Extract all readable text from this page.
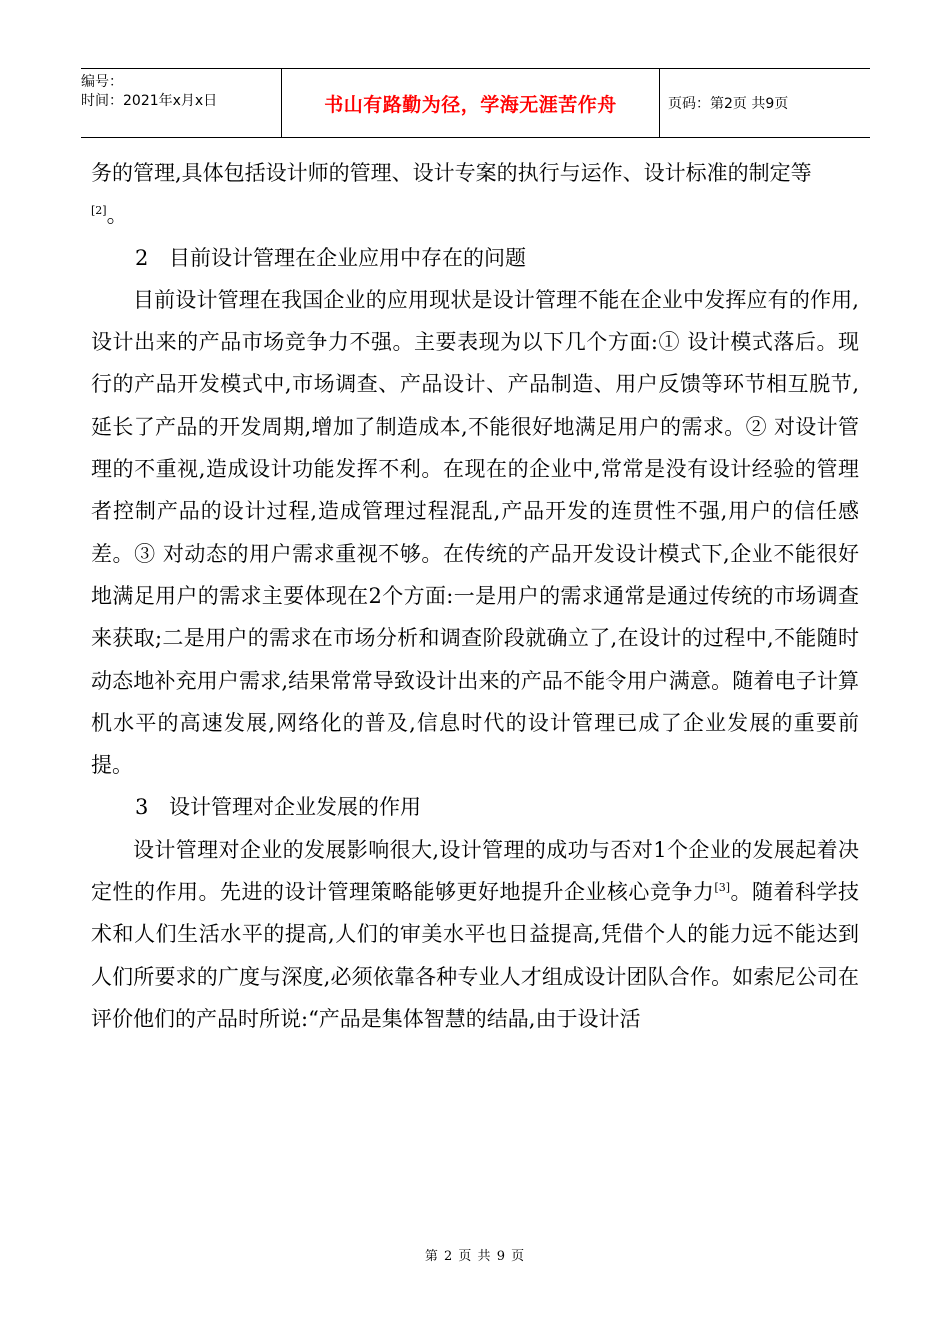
编号：
时间：2021年x月x日	书山有路勤为径，学海无涯苦作舟	页码：第2页 共9页

务的管理,具体包括设计师的管理、设计专案的执行与运作、设计标准的制定等
[2]。

2 目前设计管理在企业应用中存在的问题

目前设计管理在我国企业的应用现状是设计管理不能在企业中发挥应有的作用,设计出来的产品市场竞争力不强。主要表现为以下几个方面:① 设计模式落后。现行的产品开发模式中,市场调查、产品设计、产品制造、用户反馈等环节相互脱节,延长了产品的开发周期,增加了制造成本,不能很好地满足用户的需求。② 对设计管理的不重视,造成设计功能发挥不利。在现在的企业中,常常是没有设计经验的管理者控制产品的设计过程,造成管理过程混乱,产品开发的连贯性不强,用户的信任感差。③ 对动态的用户需求重视不够。在传统的产品开发设计模式下,企业不能很好地满足用户的需求主要体现在2个方面:一是用户的需求通常是通过传统的市场调查来获取;二是用户的需求在市场分析和调查阶段就确立了,在设计的过程中,不能随时动态地补充用户需求,结果常常导致设计出来的产品不能令用户满意。随着电子计算机水平的高速发展,网络化的普及,信息时代的设计管理已成了企业发展的重要前提。

3 设计管理对企业发展的作用

设计管理对企业的发展影响很大,设计管理的成功与否对1个企业的发展起着决定性的作用。先进的设计管理策略能够更好地提升企业核心竞争力[3]。随着科学技术和人们生活水平的提高,人们的审美水平也日益提高,凭借个人的能力远不能达到人们所要求的广度与深度,必须依靠各种专业人才组成设计团队合作。如索尼公司在评价他们的产品时所说:“产品是集体智慧的结晶,由于设计活

第 2 页 共 9 页
